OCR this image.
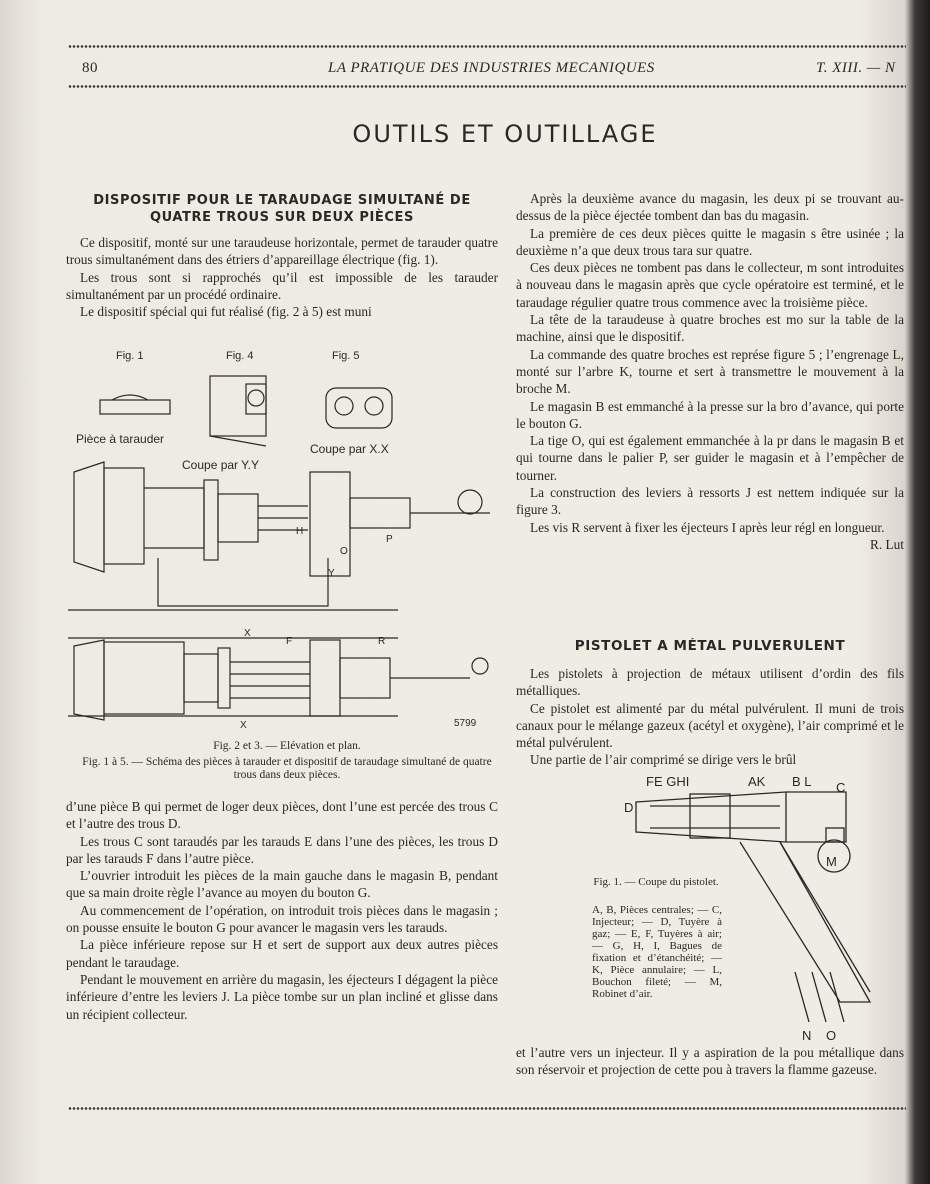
80	LA PRATIQUE DES INDUSTRIES MECANIQUES	T. XIII. — N
OUTILS ET OUTILLAGE
DISPOSITIF POUR LE TARAUDAGE SIMULTANÉ DE QUATRE TROUS SUR DEUX PIÈCES

Ce dispositif, monté sur une taraudeuse horizontale, permet de tarauder quatre trous simultanément dans des étriers d’appareillage électrique (fig. 1).

Les trous sont si rapprochés qu’il est impossible de les tarauder simultanément par un procédé ordinaire.

Le dispositif spécial qui fut réalisé (fig. 2 à 5) est muni

Fig. 1	Fig. 4	Fig. 5
Pièce à tarauder
Coupe par Y.Y
Coupe par X.X
X
X
F	R
Y
H
O
P
5799
Fig. 2 et 3. — Elévation et plan.
Fig. 1 à 5. — Schéma des pièces à tarauder et dispositif de taraudage simultané de quatre trous dans deux pièces.

d’une pièce B qui permet de loger deux pièces, dont l’une est percée des trous C et l’autre des trous D.

Les trous C sont taraudés par les tarauds E dans l’une des pièces, les trous D par les tarauds F dans l’autre pièce.

L’ouvrier introduit les pièces de la main gauche dans le magasin B, pendant que sa main droite règle l’avance au moyen du bouton G.

Au commencement de l’opération, on introduit trois pièces dans le magasin ; on pousse ensuite le bouton G pour avancer le magasin vers les tarauds.

La pièce inférieure repose sur H et sert de support aux deux autres pièces pendant le taraudage.

Pendant le mouvement en arrière du magasin, les éjecteurs I dégagent la pièce inférieure d’entre les leviers J. La pièce tombe sur un plan incliné et glisse dans un récipient collecteur.

Après la deuxième avance du magasin, les deux pi se trouvant au-dessus de la pièce éjectée tombent dan bas du magasin.

La première de ces deux pièces quitte le magasin s être usinée ; la deuxième n’a que deux trous tara sur quatre.

Ces deux pièces ne tombent pas dans le collecteur, m sont introduites à nouveau dans le magasin après que cycle opératoire est terminé, et le taraudage régulier quatre trous commence avec la troisième pièce.

La tête de la taraudeuse à quatre broches est mo sur la table de la machine, ainsi que le dispositif.

La commande des quatre broches est représe figure 5 ; l’engrenage L, monté sur l’arbre K, tourne et sert à transmettre le mouvement à la broche M.

Le magasin B est emmanché à la presse sur la bro d’avance, qui porte le bouton G.

La tige O, qui est également emmanchée à la pr dans le magasin B et qui tourne dans le palier P, ser guider le magasin et à l’empêcher de tourner.

La construction des leviers à ressorts J est nettem indiquée sur la figure 3.

Les vis R servent à fixer les éjecteurs I après leur régl en longueur.

R. Lut
PISTOLET A MÉTAL PULVERULENT

Les pistolets à projection de métaux utilisent d’ordin des fils métalliques.

Ce pistolet est alimenté par du métal pulvérulent. Il muni de trois canaux pour le mélange gazeux (acétyl et oxygène), l’air comprimé et le métal pulvérulent.

Une partie de l’air comprimé se dirige vers le brûl

FE GHI	AK B L C
D
M
N O
Fig. 1. — Coupe du pistolet.
A, B, Pièces centrales; — C, Injecteur; — D, Tuyère à gaz; — E, F, Tuyères à air; — G, H, I, Bagues de fixation et d’étanchéité; — K, Pièce annulaire; — L, Bouchon fileté; — M, Robinet d’air.

et l’autre vers un injecteur. Il y a aspiration de la pou métallique dans son réservoir et projection de cette pou à travers la flamme gazeuse.
